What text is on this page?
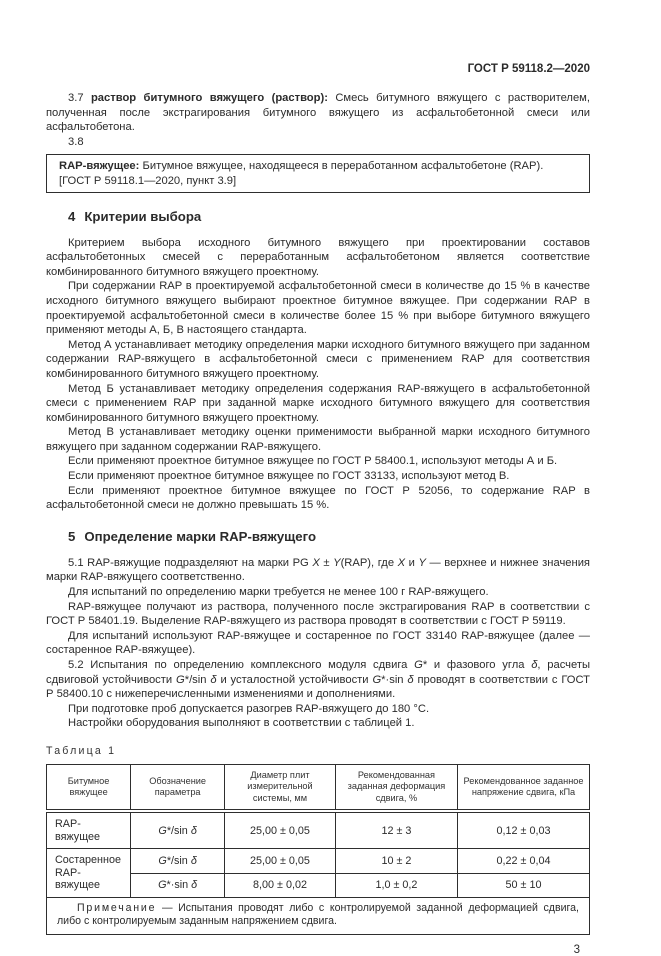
ГОСТ Р 59118.2—2020

3.7 раствор битумного вяжущего (раствор): Смесь битумного вяжущего с растворителем, полученная после экстрагирования битумного вяжущего из асфальтобетонной смеси или асфальтобетона.

3.8

RAP-вяжущее: Битумное вяжущее, находящееся в переработанном асфальтобетоне (RAP).

[ГОСТ Р 59118.1—2020, пункт 3.9]

4 Критерии выбора

Критерием выбора исходного битумного вяжущего при проектировании составов асфальтобетонных смесей с переработанным асфальтобетоном является соответствие комбинированного битумного вяжущего проектному.

При содержании RAP в проектируемой асфальтобетонной смеси в количестве до 15 % в качестве исходного битумного вяжущего выбирают проектное битумное вяжущее. При содержании RAP в проектируемой асфальтобетонной смеси в количестве более 15 % при выборе битумного вяжущего применяют методы А, Б, В настоящего стандарта.

Метод А устанавливает методику определения марки исходного битумного вяжущего при заданном содержании RAP-вяжущего в асфальтобетонной смеси с применением RAP для соответствия комбинированного битумного вяжущего проектному.

Метод Б устанавливает методику определения содержания RAP-вяжущего в асфальтобетонной смеси с применением RAP при заданной марке исходного битумного вяжущего для соответствия комбинированного битумного вяжущего проектному.

Метод В устанавливает методику оценки применимости выбранной марки исходного битумного вяжущего при заданном содержании RAP-вяжущего.

Если применяют проектное битумное вяжущее по ГОСТ Р 58400.1, используют методы А и Б.

Если применяют проектное битумное вяжущее по ГОСТ 33133, используют метод В.

Если применяют проектное битумное вяжущее по ГОСТ Р 52056, то содержание RAP в асфальтобетонной смеси не должно превышать 15 %.

5 Определение марки RAP-вяжущего

5.1 RAP-вяжущие подразделяют на марки PG X ± Y(RAP), где X и Y — верхнее и нижнее значения марки RAP-вяжущего соответственно.

Для испытаний по определению марки требуется не менее 100 г RAP-вяжущего.

RAP-вяжущее получают из раствора, полученного после экстрагирования RAP в соответствии с ГОСТ Р 58401.19. Выделение RAP-вяжущего из раствора проводят в соответствии с ГОСТ Р 59119.

Для испытаний используют RAP-вяжущее и состаренное по ГОСТ 33140 RAP-вяжущее (далее — состаренное RAP-вяжущее).

5.2 Испытания по определению комплексного модуля сдвига G* и фазового угла δ, расчеты сдвиговой устойчивости G*/sin δ и усталостной устойчивости G*·sin δ проводят в соответствии с ГОСТ Р 58400.10 с нижеперечисленными изменениями и дополнениями.

При подготовке проб допускается разогрев RAP-вяжущего до 180 °С.

Настройки оборудования выполняют в соответствии с таблицей 1.

Таблица 1
Битумное вяжущее	Обозначение параметра	Диаметр плит измерительной системы, мм	Рекомендованная заданная деформация сдвига, %	Рекомендованное заданное напряжение сдвига, кПа
RAP-вяжущее	G*/sin δ	25,00 ± 0,05	12 ± 3	0,12 ± 0,03
Состаренное RAP-вяжущее	G*/sin δ	25,00 ± 0,05	10 ± 2	0,22 ± 0,04
	G*·sin δ	8,00 ± 0,02	1,0 ± 0,2	50 ± 10
Примечание — Испытания проводят либо с контролируемой заданной деформацией сдвига, либо с контролируемым заданным напряжением сдвига.				
3
